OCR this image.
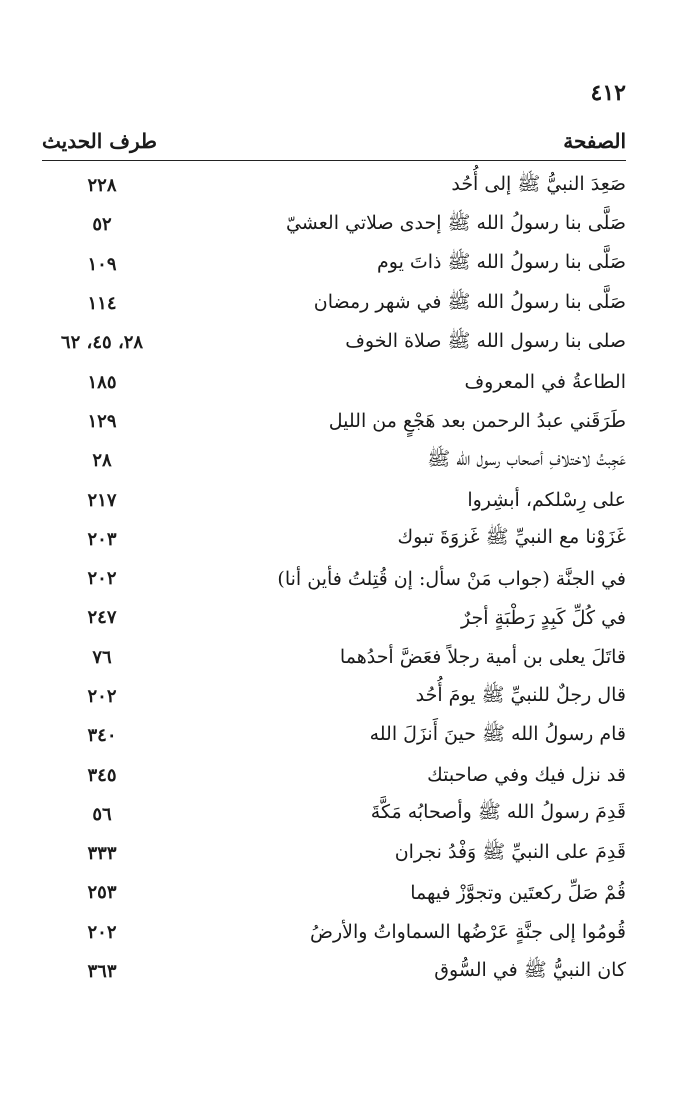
٤١٢
طرف الحديث	الصفحة
صَعِدَ النبيُّ ﷺ إلى أُحُد
٢٢٨
صَلَّى بنا رسولُ الله ﷺ إحدى صلاتي العشيّ
٥٢
صَلَّى بنا رسولُ الله ﷺ ذاتَ يوم
١٠٩
صَلَّى بنا رسولُ الله ﷺ في شهر رمضان
١١٤
صلى بنا رسول الله ﷺ صلاة الخوف
٢٨، ٤٥، ٦٢
الطاعةُ في المعروف
١٨٥
طَرَقَني عبدُ الرحمن بعد هَجْعٍ من الليل
١٢٩
عَجِبتُ لاختلافِ أصحاب رسول الله ﷺ
٢٨
على رِسْلكم، أبشِروا
٢١٧
غَزَوْنا مع النبيِّ ﷺ غَزوَةَ تبوك
٢٠٣
في الجنَّة (جواب مَنْ سأل: إن قُتِلتُ فأين أنا)
٢٠٢
في كُلِّ كَبِدٍ رَطْبَةٍ أجرٌ
٢٤٧
قاتَلَ يعلى بن أمية رجلاً فعَضَّ أحدُهما
٧٦
قال رجلٌ للنبيِّ ﷺ يومَ أُحُد
٢٠٢
قام رسولُ الله ﷺ حينَ أَنزَلَ الله
٣٤٠
قد نزل فيك وفي صاحبتك
٣٤٥
قَدِمَ رسولُ الله ﷺ وأصحابُه مَكَّةَ
٥٦
قَدِمَ على النبيِّ ﷺ وَفْدُ نجران
٣٣٣
قُمْ صَلِّ ركعتَين وتجوَّزْ فيهما
٢٥٣
قُومُوا إلى جنَّةٍ عَرْضُها السماواتُ والأرضُ
٢٠٢
كان النبيُّ ﷺ في السُّوق
٣٦٣
